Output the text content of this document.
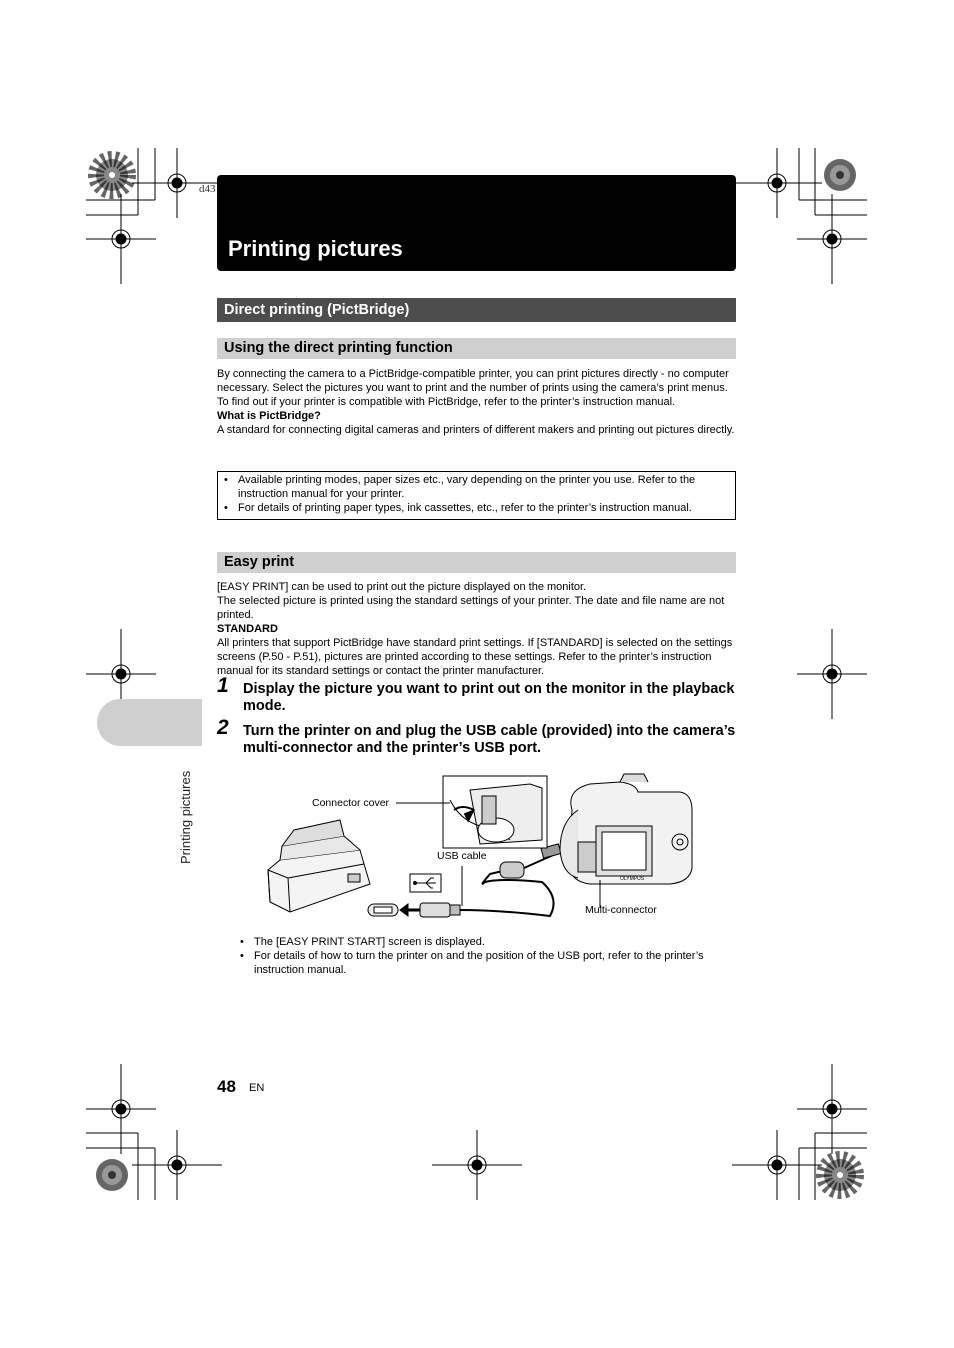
d43
Printing pictures
Direct printing (PictBridge)
Using the direct printing function

By connecting the camera to a PictBridge-compatible printer, you can print pictures directly - no computer necessary. Select the pictures you want to print and the number of prints using the camera’s print menus.

To find out if your printer is compatible with PictBridge, refer to the printer’s instruction manual.

What is PictBridge?

A standard for connecting digital cameras and printers of different makers and printing out pictures directly.

• Available printing modes, paper sizes etc., vary depending on the printer you use. Refer to the instruction manual for your printer.
• For details of printing paper types, ink cassettes, etc., refer to the printer’s instruction manual.
Easy print

[EASY PRINT] can be used to print out the picture displayed on the monitor.

The selected picture is printed using the standard settings of your printer. The date and file name are not printed.

STANDARD

All printers that support PictBridge have standard print settings. If [STANDARD] is selected on the settings screens (P.50 - P.51), pictures are printed according to these settings. Refer to the printer’s instruction manual for its standard settings or contact the printer manufacturer.

1 Display the picture you want to print out on the monitor in the playback mode.
2 Turn the printer on and plug the USB cable (provided) into the camera’s multi-connector and the printer’s USB port.
Printing pictures
OLYMPUS
Connector cover
USB cable
Multi-connector
• The [EASY PRINT START] screen is displayed.
• For details of how to turn the printer on and the position of the USB port, refer to the printer’s instruction manual.
48 EN
